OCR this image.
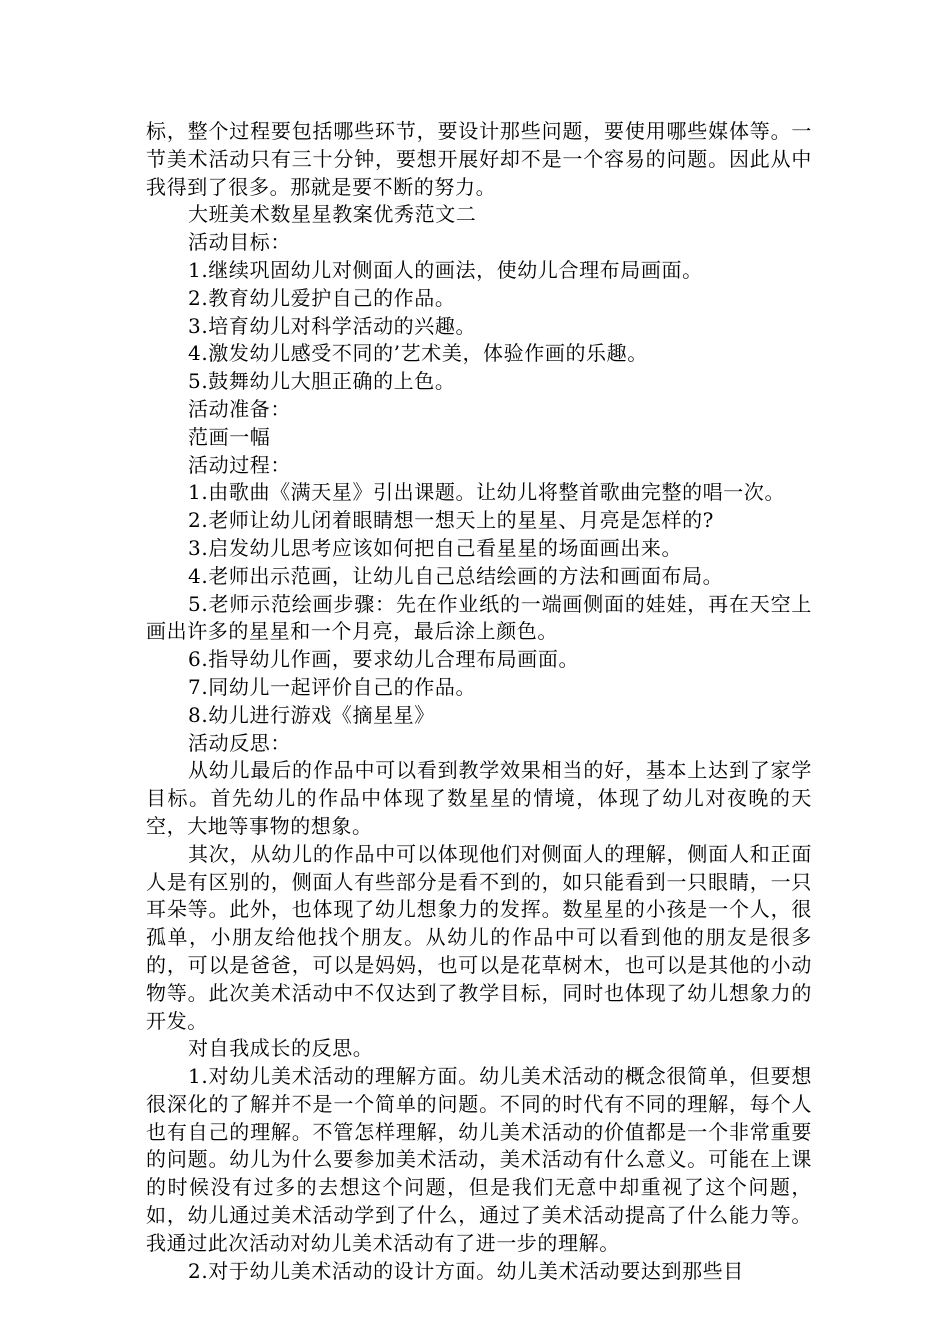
标，整个过程要包括哪些环节，要设计那些问题，要使用哪些媒体等。一节美术活动只有三十分钟，要想开展好却不是一个容易的问题。因此从中我得到了很多。那就是要不断的努力。

大班美术数星星教案优秀范文二

活动目标：

1.继续巩固幼儿对侧面人的画法，使幼儿合理布局画面。

2.教育幼儿爱护自己的作品。

3.培育幼儿对科学活动的兴趣。

4.激发幼儿感受不同的’艺术美，体验作画的乐趣。

5.鼓舞幼儿大胆正确的上色。

活动准备：

范画一幅

活动过程：

1.由歌曲《满天星》引出课题。让幼儿将整首歌曲完整的唱一次。

2.老师让幼儿闭着眼睛想一想天上的星星、月亮是怎样的?

3.启发幼儿思考应该如何把自己看星星的场面画出来。

4.老师出示范画，让幼儿自己总结绘画的方法和画面布局。

5.老师示范绘画步骤：先在作业纸的一端画侧面的娃娃，再在天空上画出许多的星星和一个月亮，最后涂上颜色。

6.指导幼儿作画，要求幼儿合理布局画面。

7.同幼儿一起评价自己的作品。

8.幼儿进行游戏《摘星星》

活动反思：

从幼儿最后的作品中可以看到教学效果相当的好，基本上达到了家学目标。首先幼儿的作品中体现了数星星的情境，体现了幼儿对夜晚的天空，大地等事物的想象。

其次，从幼儿的作品中可以体现他们对侧面人的理解，侧面人和正面人是有区别的，侧面人有些部分是看不到的，如只能看到一只眼睛，一只耳朵等。此外，也体现了幼儿想象力的发挥。数星星的小孩是一个人，很孤单，小朋友给他找个朋友。从幼儿的作品中可以看到他的朋友是很多的，可以是爸爸，可以是妈妈，也可以是花草树木，也可以是其他的小动物等。此次美术活动中不仅达到了教学目标，同时也体现了幼儿想象力的开发。

对自我成长的反思。

1.对幼儿美术活动的理解方面。幼儿美术活动的概念很简单，但要想很深化的了解并不是一个简单的问题。不同的时代有不同的理解，每个人也有自己的理解。不管怎样理解，幼儿美术活动的价值都是一个非常重要的问题。幼儿为什么要参加美术活动，美术活动有什么意义。可能在上课的时候没有过多的去想这个问题，但是我们无意中却重视了这个问题，如，幼儿通过美术活动学到了什么，通过了美术活动提高了什么能力等。我通过此次活动对幼儿美术活动有了进一步的理解。

2.对于幼儿美术活动的设计方面。幼儿美术活动要达到那些目
